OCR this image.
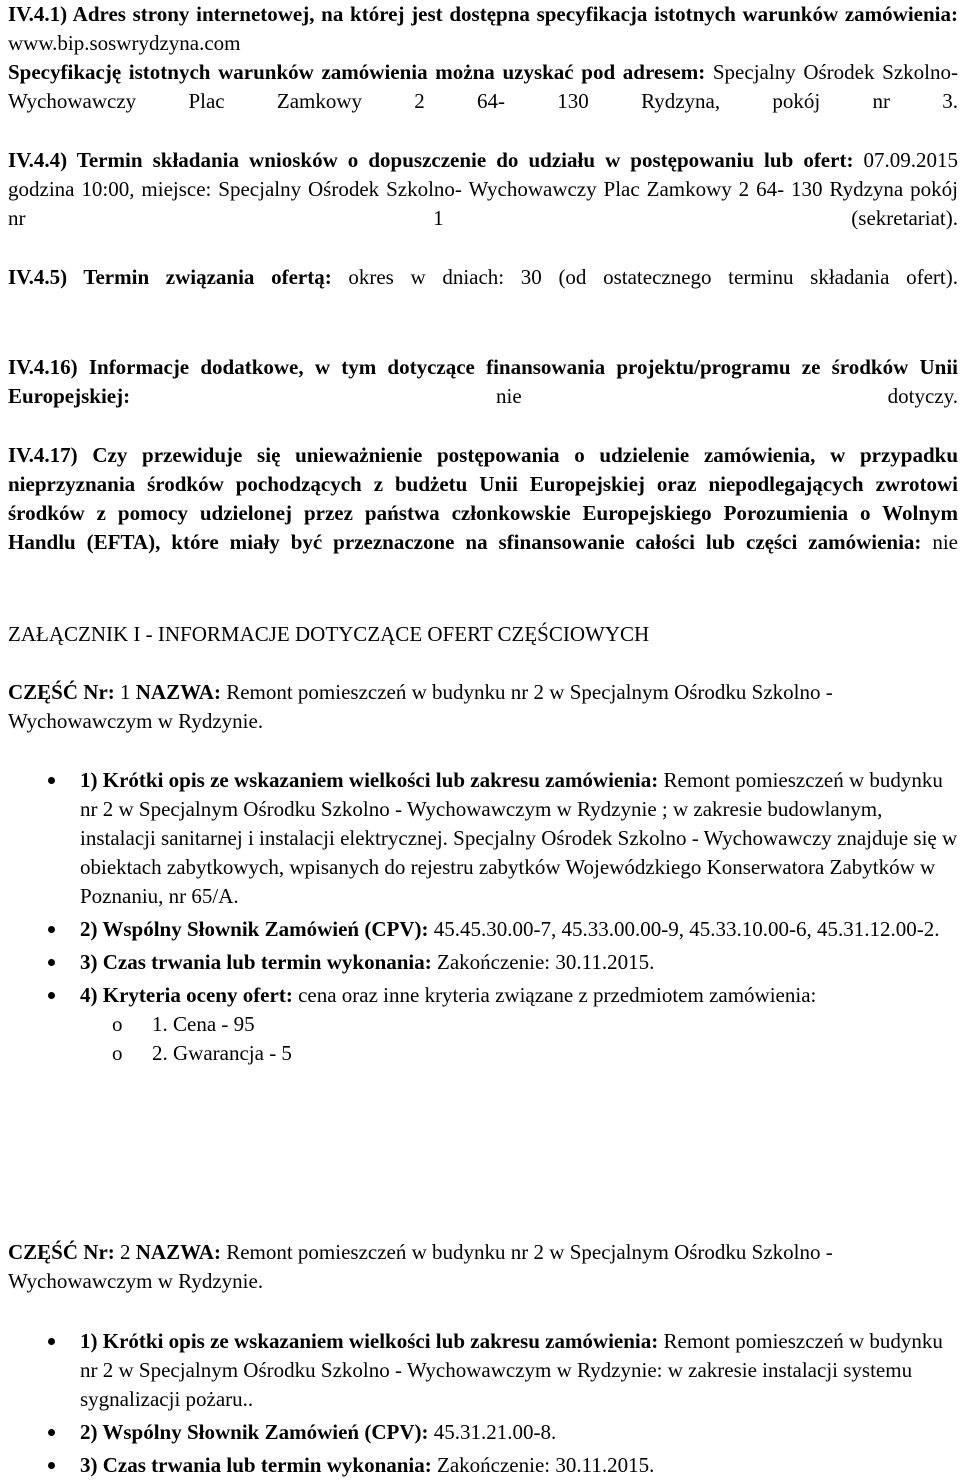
IV.4.1) Adres strony internetowej, na której jest dostępna specyfikacja istotnych warunków zamówienia: www.bip.soswrydzyna.com

Specyfikację istotnych warunków zamówienia można uzyskać pod adresem: Specjalny Ośrodek Szkolno- Wychowawczy Plac Zamkowy 2 64- 130 Rydzyna, pokój nr 3.

IV.4.4) Termin składania wniosków o dopuszczenie do udziału w postępowaniu lub ofert: 07.09.2015 godzina 10:00, miejsce: Specjalny Ośrodek Szkolno- Wychowawczy Plac Zamkowy 2 64- 130 Rydzyna pokój nr 1 (sekretariat).

IV.4.5) Termin związania ofertą: okres w dniach: 30 (od ostatecznego terminu składania ofert).

IV.4.16) Informacje dodatkowe, w tym dotyczące finansowania projektu/programu ze środków Unii Europejskiej: nie dotyczy.

IV.4.17) Czy przewiduje się unieważnienie postępowania o udzielenie zamówienia, w przypadku nieprzyznania środków pochodzących z budżetu Unii Europejskiej oraz niepodlegających zwrotowi środków z pomocy udzielonej przez państwa członkowskie Europejskiego Porozumienia o Wolnym Handlu (EFTA), które miały być przeznaczone na sfinansowanie całości lub części zamówienia: nie

ZAŁĄCZNIK I - INFORMACJE DOTYCZĄCE OFERT CZĘŚCIOWYCH

CZĘŚĆ Nr: 1 NAZWA: Remont pomieszczeń w budynku nr 2 w Specjalnym Ośrodku Szkolno - Wychowawczym w Rydzynie.

1) Krótki opis ze wskazaniem wielkości lub zakresu zamówienia: Remont pomieszczeń w budynku nr 2 w Specjalnym Ośrodku Szkolno - Wychowawczym w Rydzynie ; w zakresie budowlanym, instalacji sanitarnej i instalacji elektrycznej. Specjalny Ośrodek Szkolno - Wychowawczy znajduje się w obiektach zabytkowych, wpisanych do rejestru zabytków Wojewódzkiego Konserwatora Zabytków w Poznaniu, nr 65/A.
2) Wspólny Słownik Zamówień (CPV): 45.45.30.00-7, 45.33.00.00-9, 45.33.10.00-6, 45.31.12.00-2.
3) Czas trwania lub termin wykonania: Zakończenie: 30.11.2015.
4) Kryteria oceny ofert: cena oraz inne kryteria związane z przedmiotem zamówienia:
o 1. Cena - 95
o 2. Gwarancja - 5

CZĘŚĆ Nr: 2 NAZWA: Remont pomieszczeń w budynku nr 2 w Specjalnym Ośrodku Szkolno - Wychowawczym w Rydzynie.

1) Krótki opis ze wskazaniem wielkości lub zakresu zamówienia: Remont pomieszczeń w budynku nr 2 w Specjalnym Ośrodku Szkolno - Wychowawczym w Rydzynie: w zakresie instalacji systemu sygnalizacji pożaru..
2) Wspólny Słownik Zamówień (CPV): 45.31.21.00-8.
3) Czas trwania lub termin wykonania: Zakończenie: 30.11.2015.
